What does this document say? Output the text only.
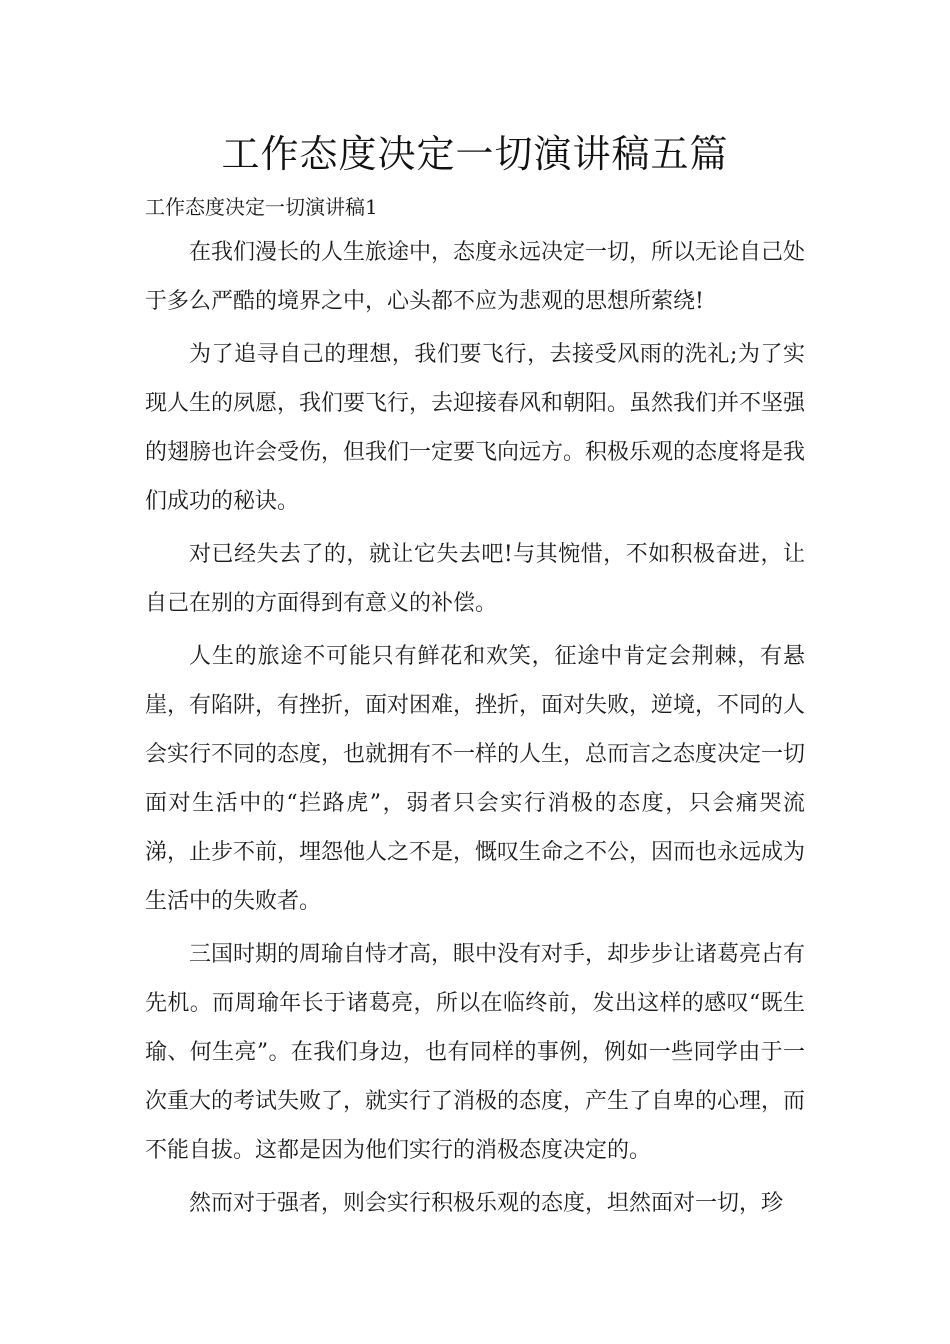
工作态度决定一切演讲稿五篇
工作态度决定一切演讲稿1

在我们漫长的人生旅途中，态度永远决定一切，所以无论自己处于多么严酷的境界之中，心头都不应为悲观的思想所萦绕!

为了追寻自己的理想，我们要飞行，去接受风雨的洗礼;为了实现人生的夙愿，我们要飞行，去迎接春风和朝阳。虽然我们并不坚强的翅膀也许会受伤，但我们一定要飞向远方。积极乐观的态度将是我们成功的秘诀。

对已经失去了的，就让它失去吧!与其惋惜，不如积极奋进，让自己在别的方面得到有意义的补偿。

人生的旅途不可能只有鲜花和欢笑，征途中肯定会荆棘，有悬崖，有陷阱，有挫折，面对困难，挫折，面对失败，逆境，不同的人会实行不同的态度，也就拥有不一样的人生，总而言之态度决定一切面对生活中的“拦路虎”，弱者只会实行消极的态度，只会痛哭流涕，止步不前，埋怨他人之不是，慨叹生命之不公，因而也永远成为生活中的失败者。

三国时期的周瑜自恃才高，眼中没有对手，却步步让诸葛亮占有先机。而周瑜年长于诸葛亮，所以在临终前，发出这样的感叹“既生瑜、何生亮”。在我们身边，也有同样的事例，例如一些同学由于一次重大的考试失败了，就实行了消极的态度，产生了自卑的心理，而不能自拔。这都是因为他们实行的消极态度决定的。

然而对于强者，则会实行积极乐观的态度，坦然面对一切，珍
